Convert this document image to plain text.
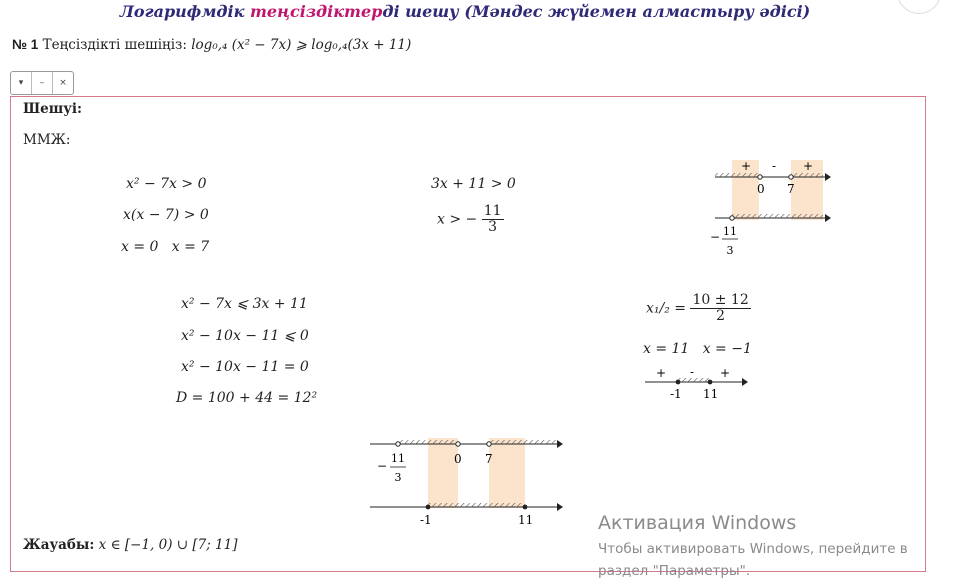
Логарифмдік теңсіздіктерді шешу (Мәндес жүйемен алмастыру әдісі)
№ 1 Теңсіздікті шешіңіз: log₀,₄ (x² − 7x) ⩾ log₀,₄(3x + 11)
▾	–	×
Шешуі:
ММЖ:
x² − 7x > 0
x(x − 7) > 0
x = 0   x = 7
3x + 11 > 0
x > − $\frac{11}{3}$
x² − 7x ⩽ 3x + 11
x² − 10x − 11 ⩽ 0
x² − 10x − 11 = 0
D = 100 + 44 = 12²
$x_1/_2 = \frac{10 \pm 12}{2}$
x = 11   x = −1
Жауабы: x ∈ [−1, 0) ∪ [7; 11]
+ - +
0 7
− 11
3
+ - +
-1 11
0 7
−
11
3
-1	11	Активация Windows
Чтобы активировать Windows, перейдите в
раздел "Параметры".
